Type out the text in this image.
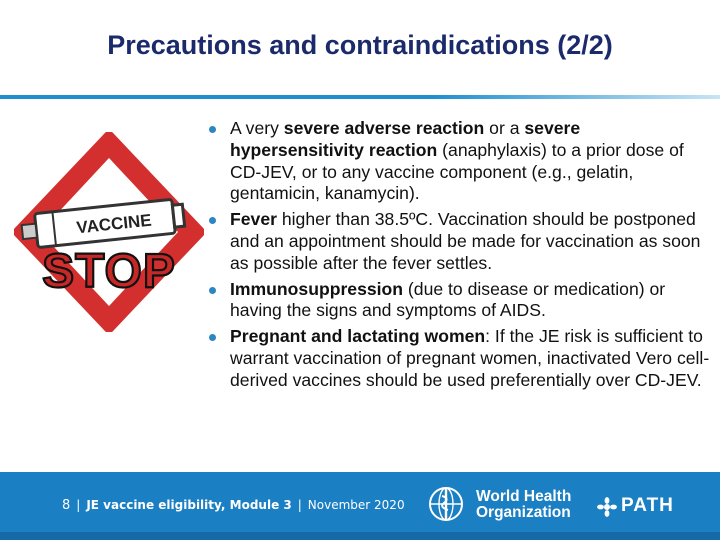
Precautions and contraindications (2/2)
VACCINE
STOP
A very severe adverse reaction or a severe hypersensitivity reaction (anaphylaxis) to a prior dose of CD-JEV, or to any vaccine component (e.g., gelatin, gentamicin, kanamycin).
Fever higher than 38.5ºC. Vaccination should be postponed and an appointment should be made for vaccination as soon as possible after the fever settles.
Immunosuppression (due to disease or medication) or having the signs and symptoms of AIDS.
Pregnant and lactating women: If the JE risk is sufficient to warrant vaccination of pregnant women, inactivated Vero cell-derived vaccines should be used preferentially over CD-JEV.
8 | JE vaccine eligibility, Module 3 | November 2020	World Health
Organization	PATH
